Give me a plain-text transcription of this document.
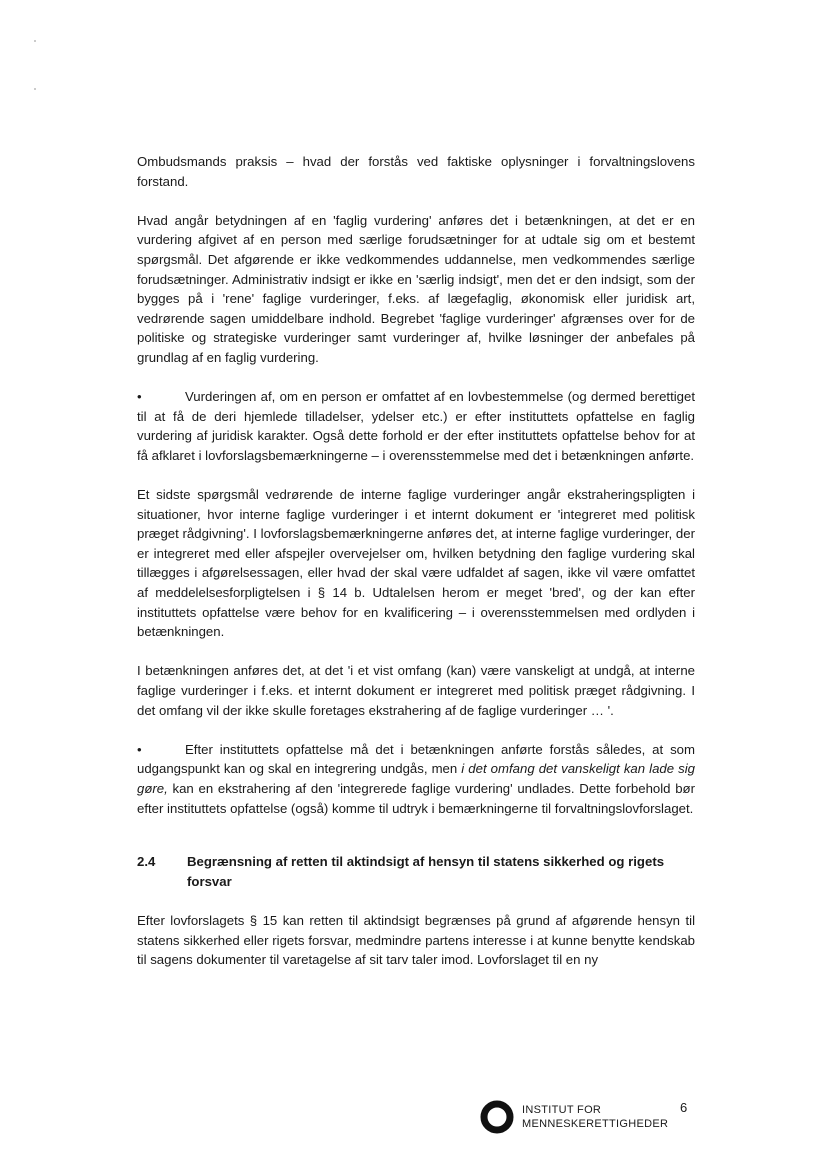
Ombudsmands praksis – hvad der forstås ved faktiske oplysninger i forvaltningslovens forstand.

Hvad angår betydningen af en 'faglig vurdering' anføres det i betænkningen, at det er en vurdering afgivet af en person med særlige forudsætninger for at udtale sig om et bestemt spørgsmål. Det afgørende er ikke vedkommendes uddannelse, men vedkommendes særlige forudsætninger. Administrativ indsigt er ikke en 'særlig indsigt', men det er den indsigt, som der bygges på i 'rene' faglige vurderinger, f.eks. af lægefaglig, økonomisk eller juridisk art, vedrørende sagen umiddelbare indhold. Begrebet 'faglige vurderinger' afgrænses over for de politiske og strategiske vurderinger samt vurderinger af, hvilke løsninger der anbefales på grundlag af en faglig vurdering.

•	Vurderingen af, om en person er omfattet af en lovbestemmelse (og dermed berettiget til at få de deri hjemlede tilladelser, ydelser etc.) er efter instituttets opfattelse en faglig vurdering af juridisk karakter. Også dette forhold er der efter instituttets opfattelse behov for at få afklaret i lovforslagsbemærkningerne – i overensstemmelse med det i betænkningen anførte.

Et sidste spørgsmål vedrørende de interne faglige vurderinger angår ekstraheringspligten i situationer, hvor interne faglige vurderinger i et internt dokument er 'integreret med politisk præget rådgivning'. I lovforslagsbemærkningerne anføres det, at interne faglige vurderinger, der er integreret med eller afspejler overvejelser om, hvilken betydning den faglige vurdering skal tillægges i afgørelsessagen, eller hvad der skal være udfaldet af sagen, ikke vil være omfattet af meddelelsesforpligtelsen i § 14 b. Udtalelsen herom er meget 'bred', og der kan efter instituttets opfattelse være behov for en kvalificering – i overensstemmelsen med ordlyden i betænkningen.

I betænkningen anføres det, at det 'i et vist omfang (kan) være vanskeligt at undgå, at interne faglige vurderinger i f.eks. et internt dokument er integreret med politisk præget rådgivning. I det omfang vil der ikke skulle foretages ekstrahering af de faglige vurderinger … '.

•	Efter instituttets opfattelse må det i betænkningen anførte forstås således, at som udgangspunkt kan og skal en integrering undgås, men i det omfang det vanskeligt kan lade sig gøre, kan en ekstrahering af den 'integrerede faglige vurdering' undlades. Dette forbehold bør efter instituttets opfattelse (også) komme til udtryk i bemærkningerne til forvaltningslovforslaget.

2.4	Begrænsning af retten til aktindsigt af hensyn til statens sikkerhed og rigets forsvar

Efter lovforslagets § 15 kan retten til aktindsigt begrænses på grund af afgørende hensyn til statens sikkerhed eller rigets forsvar, medmindre partens interesse i at kunne benytte kendskab til sagens dokumenter til varetagelse af sit tarv taler imod. Lovforslaget til en ny

INSTITUT FOR
MENNESKERETTIGHEDER
6
